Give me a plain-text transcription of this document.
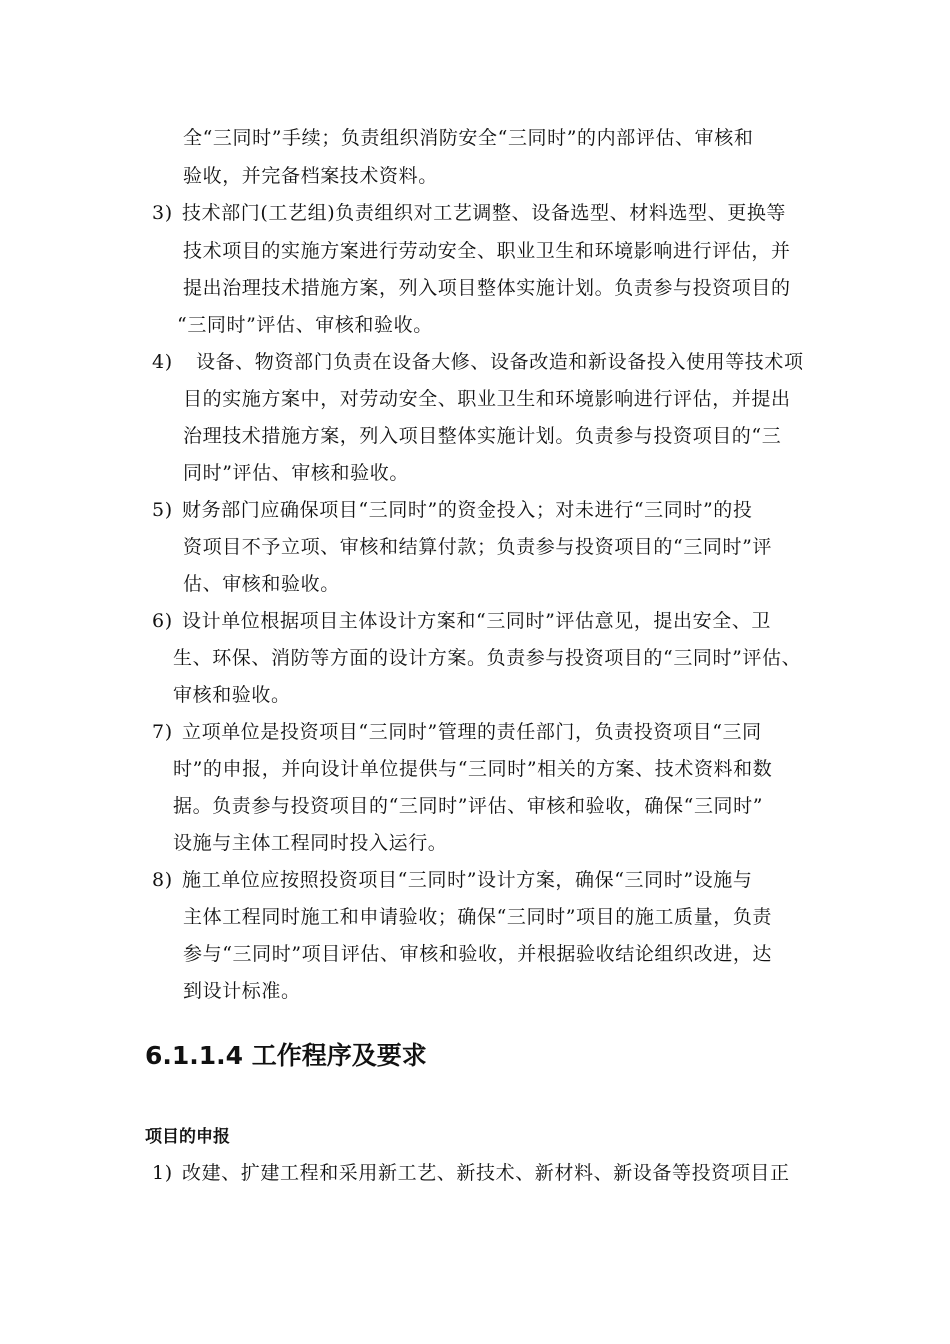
全“三同时”手续；负责组织消防安全“三同时”的内部评估、审核和
验收，并完备档案技术资料。
3) 技术部门(工艺组)负责组织对工艺调整、设备选型、材料选型、更换等
技术项目的实施方案进行劳动安全、职业卫生和环境影响进行评估，并
提出治理技术措施方案，列入项目整体实施计划。负责参与投资项目的
“三同时”评估、审核和验收。
4) 设备、物资部门负责在设备大修、设备改造和新设备投入使用等技术项
目的实施方案中，对劳动安全、职业卫生和环境影响进行评估，并提出
治理技术措施方案，列入项目整体实施计划。负责参与投资项目的“三
同时”评估、审核和验收。
5) 财务部门应确保项目“三同时”的资金投入；对未进行“三同时”的投
资项目不予立项、审核和结算付款；负责参与投资项目的“三同时”评
估、审核和验收。
6) 设计单位根据项目主体设计方案和“三同时”评估意见，提出安全、卫
生、环保、消防等方面的设计方案。负责参与投资项目的“三同时”评估、
审核和验收。
7) 立项单位是投资项目“三同时”管理的责任部门，负责投资项目“三同
时”的申报，并向设计单位提供与“三同时”相关的方案、技术资料和数
据。负责参与投资项目的“三同时”评估、审核和验收，确保“三同时”
设施与主体工程同时投入运行。
8) 施工单位应按照投资项目“三同时”设计方案，确保“三同时”设施与
主体工程同时施工和申请验收；确保“三同时”项目的施工质量，负责
参与“三同时”项目评估、审核和验收，并根据验收结论组织改进，达
到设计标准。
6.1.1.4 工作程序及要求
项目的申报
1) 改建、扩建工程和采用新工艺、新技术、新材料、新设备等投资项目正
